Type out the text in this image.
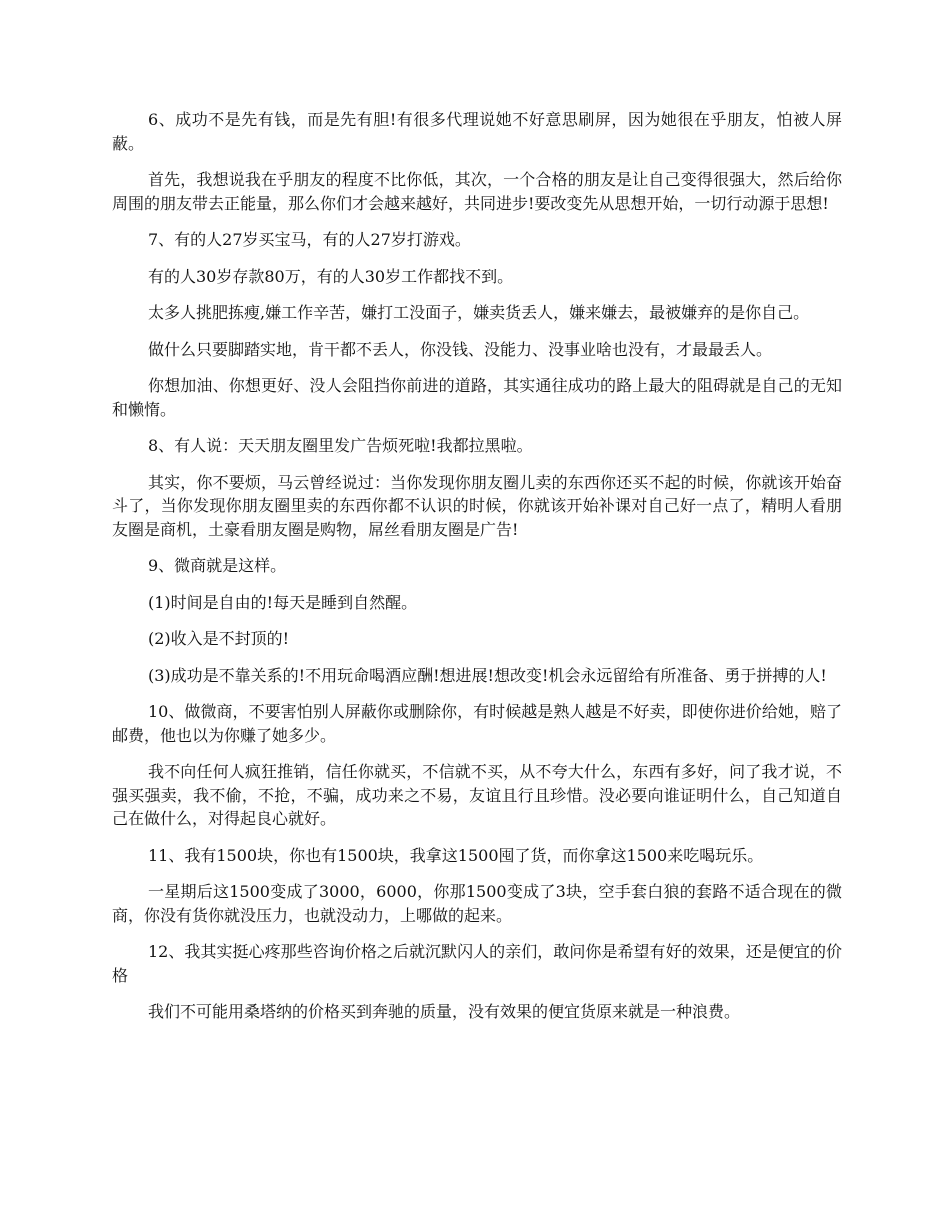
6、成功不是先有钱，而是先有胆!有很多代理说她不好意思刷屏，因为她很在乎朋友，怕被人屏蔽。

首先，我想说我在乎朋友的程度不比你低，其次，一个合格的朋友是让自己变得很强大，然后给你周围的朋友带去正能量，那么你们才会越来越好，共同进步!要改变先从思想开始，一切行动源于思想!

7、有的人27岁买宝马，有的人27岁打游戏。

有的人30岁存款80万，有的人30岁工作都找不到。

太多人挑肥拣瘦,嫌工作辛苦，嫌打工没面子，嫌卖货丢人，嫌来嫌去，最被嫌弃的是你自己。

做什么只要脚踏实地，肯干都不丢人，你没钱、没能力、没事业啥也没有，才最最丢人。

你想加油、你想更好、没人会阻挡你前进的道路，其实通往成功的路上最大的阻碍就是自己的无知和懒惰。

8、有人说：天天朋友圈里发广告烦死啦!我都拉黑啦。

其实，你不要烦，马云曾经说过：当你发现你朋友圈儿卖的东西你还买不起的时候，你就该开始奋斗了，当你发现你朋友圈里卖的东西你都不认识的时候，你就该开始补课对自己好一点了，精明人看朋友圈是商机，土豪看朋友圈是购物，屌丝看朋友圈是广告!

9、微商就是这样。

(1)时间是自由的!每天是睡到自然醒。

(2)收入是不封顶的!

(3)成功是不靠关系的!不用玩命喝酒应酬!想进展!想改变!机会永远留给有所准备、勇于拼搏的人!

10、做微商，不要害怕别人屏蔽你或删除你，有时候越是熟人越是不好卖，即使你进价给她，赔了邮费，他也以为你赚了她多少。

我不向任何人疯狂推销，信任你就买，不信就不买，从不夸大什么，东西有多好，问了我才说，不强买强卖，我不偷，不抢，不骗，成功来之不易，友谊且行且珍惜。没必要向谁证明什么，自己知道自己在做什么，对得起良心就好。

11、我有1500块，你也有1500块，我拿这1500囤了货，而你拿这1500来吃喝玩乐。

一星期后这1500变成了3000，6000，你那1500变成了3块，空手套白狼的套路不适合现在的微商，你没有货你就没压力，也就没动力，上哪做的起来。

12、我其实挺心疼那些咨询价格之后就沉默闪人的亲们，敢问你是希望有好的效果，还是便宜的价格

我们不可能用桑塔纳的价格买到奔驰的质量，没有效果的便宜货原来就是一种浪费。
